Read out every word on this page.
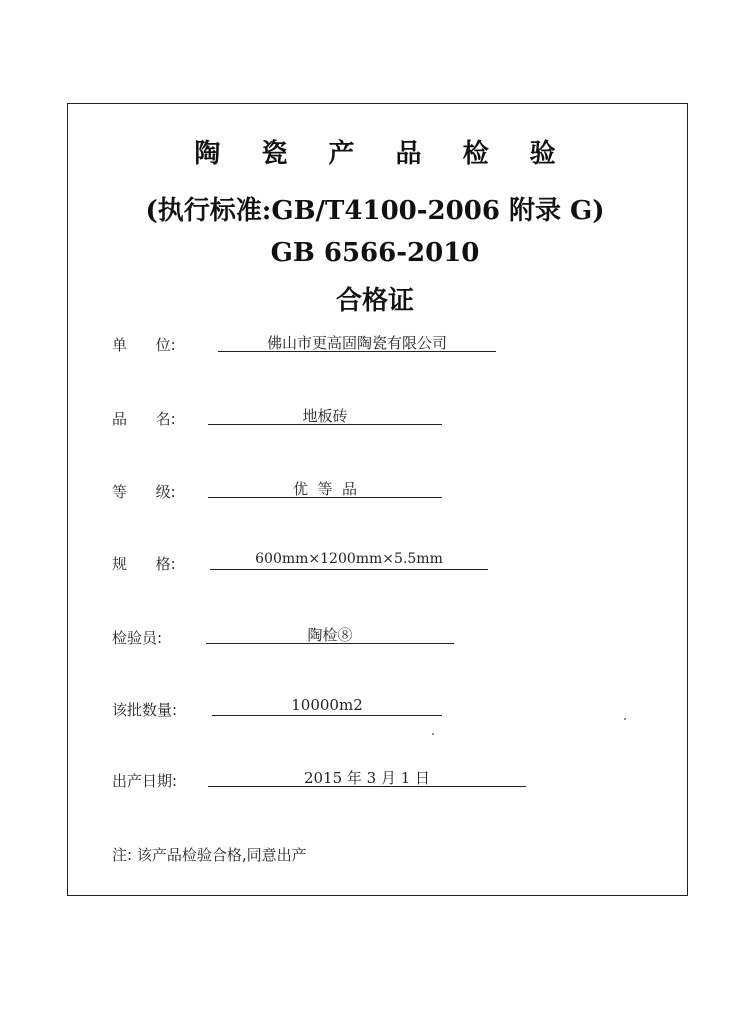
陶 瓷 产 品 检 验
(执行标准:GB/T4100-2006 附录 G)
GB 6566-2010
合格证
单      位:	佛山市更高固陶瓷有限公司
品      名:	地板砖
等      级:	优  等  品
规      格:	600mm×1200mm×5.5mm
检验员:	陶检⑧
该批数量:	10000m2
出产日期:	2015 年 3 月 1 日
注: 该产品检验合格,同意出产
